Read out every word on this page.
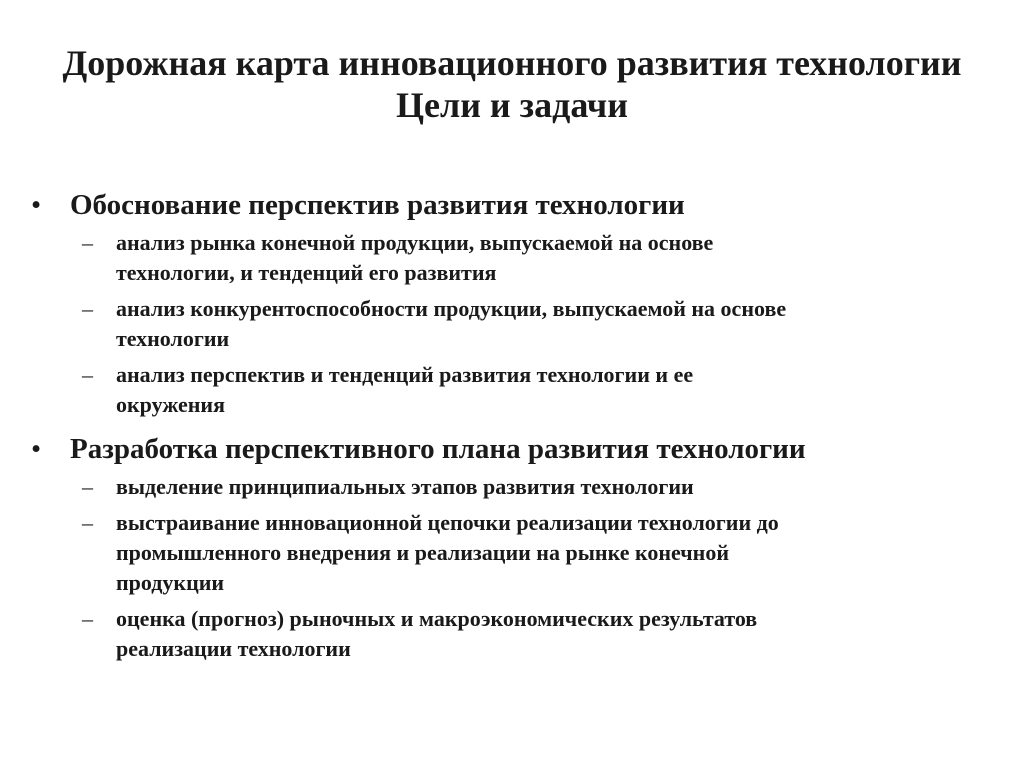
Дорожная карта инновационного развития технологии
Цели и задачи
• Обоснование перспектив развития технологии
– анализ рынка конечной продукции, выпускаемой на основе
технологии, и тенденций его развития
– анализ конкурентоспособности продукции, выпускаемой на основе
технологии
– анализ перспектив и тенденций развития технологии и ее
окружения
• Разработка перспективного плана развития технологии
– выделение принципиальных этапов развития технологии
– выстраивание инновационной цепочки реализации технологии до
промышленного внедрения и реализации на рынке конечной
продукции
– оценка (прогноз) рыночных и макроэкономических результатов
реализации технологии
